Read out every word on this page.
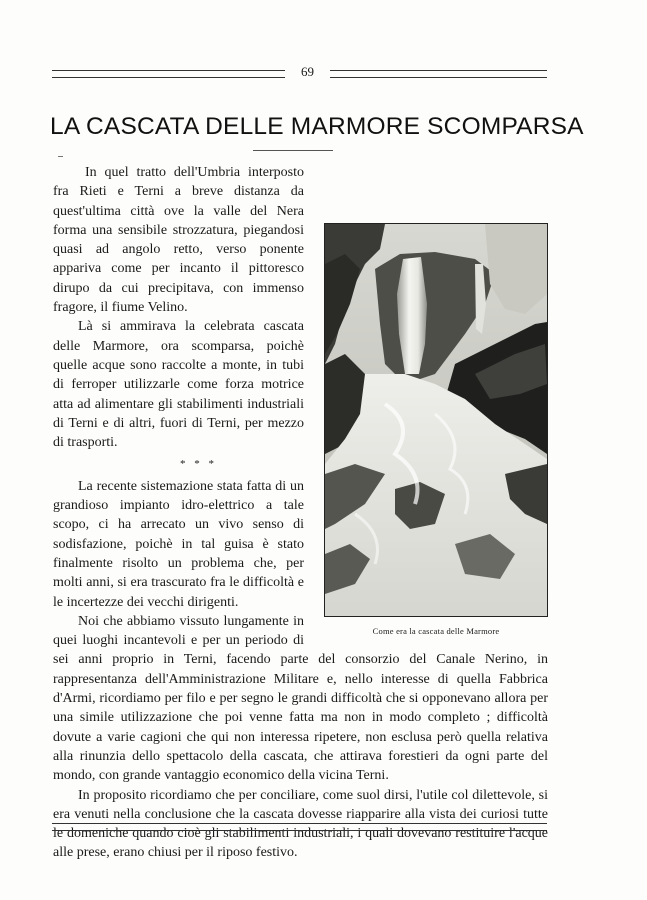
69
LA CASCATA DELLE MARMORE SCOMPARSA
Come era la cascata delle Marmore

In quel tratto dell'Umbria interposto fra Rieti e Terni a breve distanza da quest'ultima città ove la valle del Nera forma una sensibile strozzatura, piegandosi quasi ad angolo retto, verso ponente appariva come per incanto il pittoresco dirupo da cui precipitava, con immenso fragore, il fiume Velino.

Là si ammirava la celebrata cascata delle Marmore, ora scomparsa, poichè quelle acque sono raccolte a monte, in tubi di ferroper utilizzarle come forza motrice atta ad alimentare gli stabilimenti industriali di Terni e di altri, fuori di Terni, per mezzo di trasporti.

* * *

La recente sistemazione stata fatta di un grandioso impianto idro-elettrico a tale scopo, ci ha arrecato un vivo senso di sodisfazione, poichè in tal guisa è stato finalmente risolto un problema che, per molti anni, si era trascurato fra le difficoltà e le incertezze dei vecchi dirigenti.

Noi che abbiamo vissuto lungamente in quei luoghi incantevoli e per un periodo di sei anni proprio in Terni, facendo parte del consorzio del Canale Nerino, in rappresentanza dell'Amministrazione Militare e, nello interesse di quella Fabbrica d'Armi, ricordiamo per filo e per segno le grandi difficoltà che si opponevano allora per una simile utilizzazione che poi venne fatta ma non in modo completo ; difficoltà dovute a varie cagioni che qui non interessa ripetere, non esclusa però quella relativa alla rinunzia dello spettacolo della cascata, che attirava forestieri da ogni parte del mondo, con grande vantaggio economico della vicina Terni.

In proposito ricordiamo che per conciliare, come suol dirsi, l'utile col dilettevole, si era venuti nella conclusione che la cascata dovesse riapparire alla vista dei curiosi tutte le domeniche quando cioè gli stabilimenti industriali, i quali dovevano restituire l'acque alle prese, erano chiusi per il riposo festivo.
